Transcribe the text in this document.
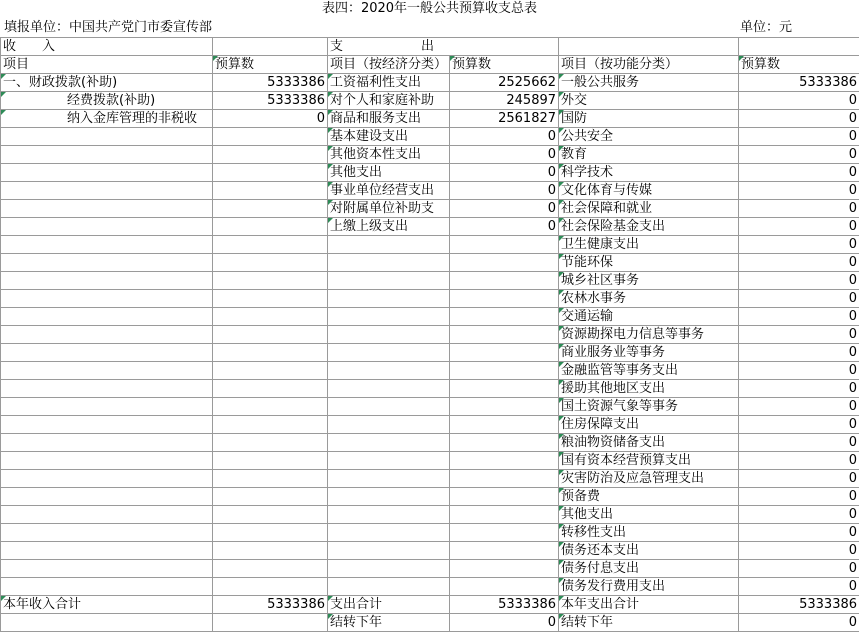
表四：2020年一般公共预算收支总表
填报单位：中国共产党门市委宣传部	单位：元
收　　入		支　　　　　　出			
项目	预算数	项目（按经济分类）	预算数	项目（按功能分类）	预算数
一、财政拨款(补助)	5333386	工资福利性支出	2525662	一般公共服务	5333386
经费拨款(补助)	5333386	对个人和家庭补助	245897	外交	0
纳入金库管理的非税收	0	商品和服务支出	2561827	国防	0
		基本建设支出	0	公共安全	0
		其他资本性支出	0	教育	0
		其他支出	0	科学技术	0
		事业单位经营支出	0	文化体育与传媒	0
		对附属单位补助支	0	社会保障和就业	0
		上缴上级支出	0	社会保险基金支出	0
				卫生健康支出	0
				节能环保	0
				城乡社区事务	0
				农林水事务	0
				交通运输	0
				资源勘探电力信息等事务	0
				商业服务业等事务	0
				金融监管等事务支出	0
				援助其他地区支出	0
				国土资源气象等事务	0
				住房保障支出	0
				粮油物资储备支出	0
				国有资本经营预算支出	0
				灾害防治及应急管理支出	0
				预备费	0
				其他支出	0
				转移性支出	0
				债务还本支出	0
				债务付息支出	0
				债务发行费用支出	0
本年收入合计	5333386	支出合计	5333386	本年支出合计	5333386
		结转下年	0	结转下年	0
